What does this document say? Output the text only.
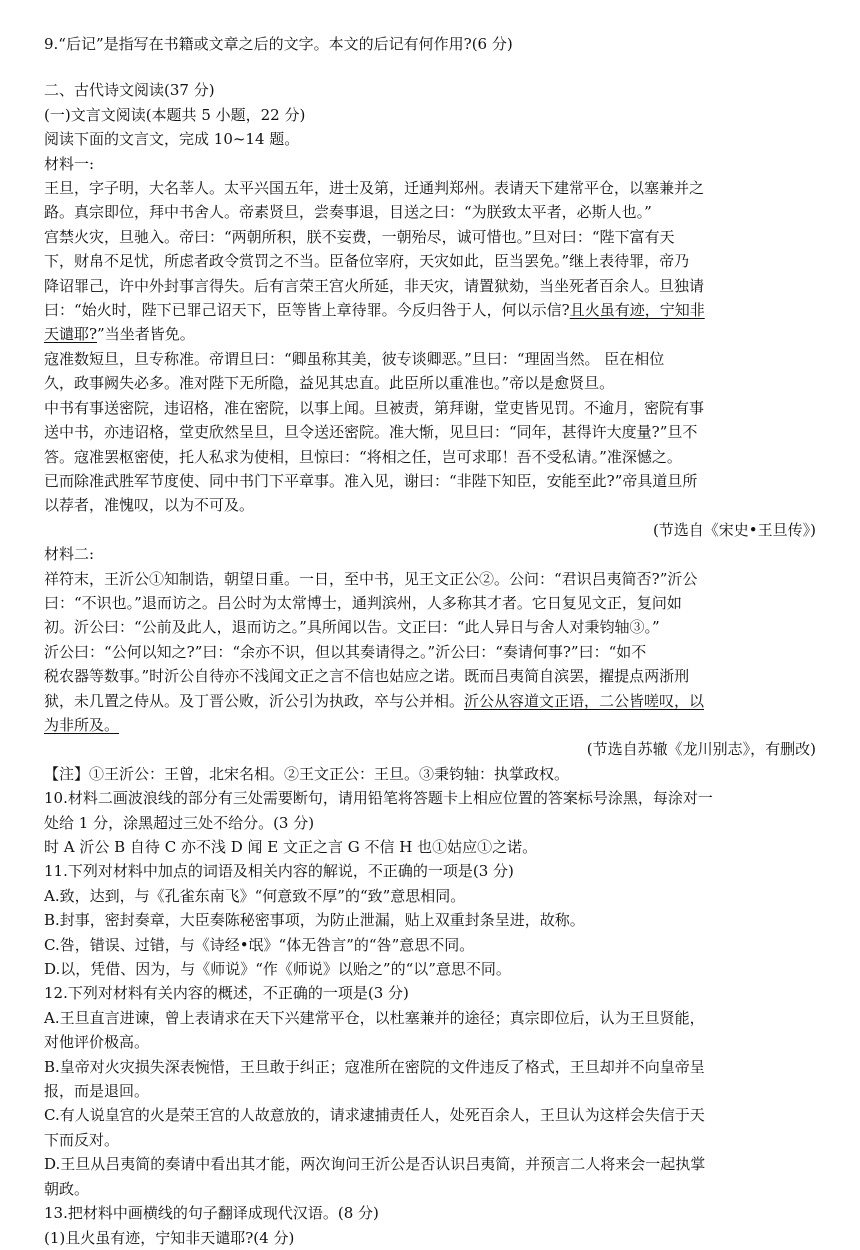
9.“后记”是指写在书籍或文章之后的文字。本文的后记有何作用?(6 分)
二、古代诗文阅读(37 分)
(一)文言文阅读(本题共 5 小题，22 分)
阅读下面的文言文，完成 10~14 题。
材料一:
王旦，字子明，大名莘人。太平兴国五年，进士及第，迁通判郑州。表请天下建常平仓，以塞兼并之
路。真宗即位，拜中书舍人。帝素贤旦，尝奏事退，目送之曰：“为朕致太平者，必斯人也。”
宫禁火灾，旦驰入。帝曰：“两朝所积，朕不妄费，一朝殆尽，诚可惜也。”旦对曰：“陛下富有天
下，财帛不足忧，所虑者政令赏罚之不当。臣备位宰府，天灾如此，臣当罢免。”继上表待罪，帝乃
降诏罪己，许中外封事言得失。后有言荣王宫火所延，非天灾，请置狱劾，当坐死者百余人。旦独请
曰：“始火时，陛下已罪己诏天下，臣等皆上章待罪。今反归咎于人，何以示信?且火虽有迹，宁知非
天谴耶?”当坐者皆免。
寇准数短旦，旦专称准。帝谓旦曰：“卿虽称其美，彼专谈卿恶。”旦曰：“理固当然。 臣在相位
久，政事阙失必多。准对陛下无所隐，益见其忠直。此臣所以重准也。”帝以是愈贤旦。
中书有事送密院，违诏格，准在密院，以事上闻。旦被责，第拜谢，堂吏皆见罚。不逾月，密院有事
送中书，亦违诏格，堂吏欣然呈旦，旦令送还密院。准大惭，见旦曰：“同年，甚得许大度量?”旦不
答。寇准罢枢密使，托人私求为使相，旦惊曰：“将相之任，岂可求耶！吾不受私请。”准深憾之。
已而除准武胜军节度使、同中书门下平章事。准入见，谢曰：“非陛下知臣，安能至此?”帝具道旦所
以荐者，准愧叹，以为不可及。
(节选自《宋史•王旦传》)
材料二:
祥符末，王沂公①知制诰，朝望日重。一日，至中书，见王文正公②。公问：“君识吕夷简否?”沂公
曰：“不识也。”退而访之。吕公时为太常博士，通判滨州，人多称其才者。它日复见文正，复问如
初。沂公曰：“公前及此人，退而访之。”具所闻以告。文正曰：“此人异日与舍人对秉钧轴③。”
沂公曰：“公何以知之?”曰：“余亦不识，但以其奏请得之。”沂公曰：“奏请何事?”曰：“如不
税农器等数事。”时沂公自待亦不浅闻文正之言不信也姑应之诺。既而吕夷简自滨罢，擢提点两浙刑
狱，未几置之侍从。及丁晋公败，沂公引为执政，卒与公并相。沂公从容道文正语，二公皆嗟叹，以
为非所及。
(节选自苏辙《龙川别志》，有删改)
【注】①王沂公：王曾，北宋名相。②王文正公：王旦。③秉钧轴：执掌政权。
10.材料二画波浪线的部分有三处需要断句，请用铅笔将答题卡上相应位置的答案标号涂黑，每涂对一
处给 1 分，涂黑超过三处不给分。(3 分)
时 A 沂公 B 自待 C 亦不浅 D 闻 E 文正之言 G 不信 H 也①姑应①之诺。
11.下列对材料中加点的词语及相关内容的解说，不正确的一项是(3 分)
A.致，达到，与《孔雀东南飞》“何意致不厚”的“致”意思相同。
B.封事，密封奏章，大臣奏陈秘密事项，为防止泄漏，贴上双重封条呈进，故称。
C.咎，错误、过错，与《诗经•氓》“体无咎言”的“咎”意思不同。
D.以，凭借、因为，与《师说》“作《师说》以贻之”的“以”意思不同。
12.下列对材料有关内容的概述，不正确的一项是(3 分)
A.王旦直言进谏，曾上表请求在天下兴建常平仓，以杜塞兼并的途径；真宗即位后，认为王旦贤能，
对他评价极高。
B.皇帝对火灾损失深表惋惜，王旦敢于纠正；寇准所在密院的文件违反了格式，王旦却并不向皇帝呈
报，而是退回。
C.有人说皇宫的火是荣王宫的人故意放的，请求逮捕责任人，处死百余人，王旦认为这样会失信于天
下而反对。
D.王旦从吕夷简的奏请中看出其才能，两次询问王沂公是否认识吕夷简，并预言二人将来会一起执掌
朝政。
13.把材料中画横线的句子翻译成现代汉语。(8 分)
(1)且火虽有迹，宁知非天谴耶?(4 分)
